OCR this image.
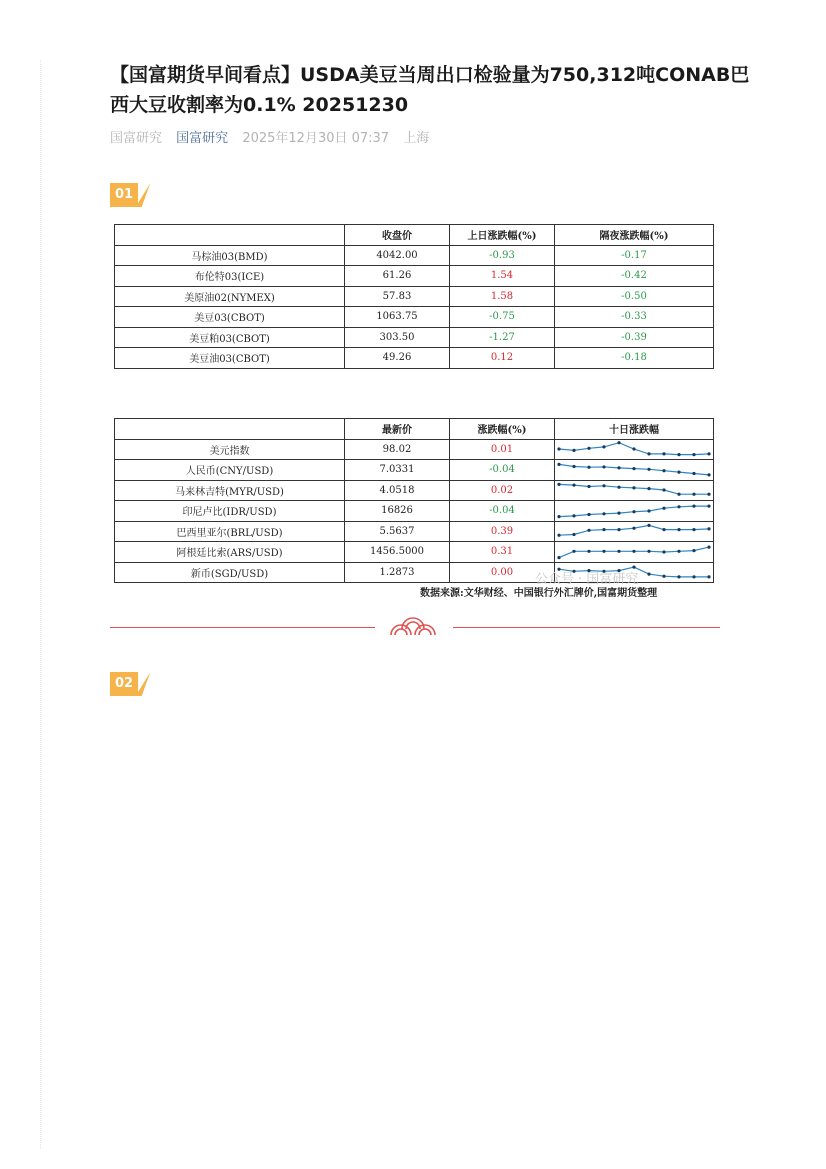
【国富期货早间看点】USDA美豆当周出口检验量为750,312吨CONAB巴西大豆收割率为0.1% 20251230
国富研究 国富研究 2025年12月30日 07:37 上海
01
	收盘价	上日涨跌幅(%)	隔夜涨跌幅(%)
马棕油03(BMD)	4042.00	-0.93	-0.17
布伦特03(ICE)	61.26	1.54	-0.42
美原油02(NYMEX)	57.83	1.58	-0.50
美豆03(CBOT)	1063.75	-0.75	-0.33
美豆粕03(CBOT)	303.50	-1.27	-0.39
美豆油03(CBOT)	49.26	0.12	-0.18
	最新价	涨跌幅(%)	十日涨跌幅
美元指数	98.02	0.01	

人民币(CNY/USD)	7.0331	-0.04	

马来林吉特(MYR/USD)	4.0518	0.02	

印尼卢比(IDR/USD)	16826	-0.04	

巴西里亚尔(BRL/USD)	5.5637	0.39	

阿根廷比索(ARS/USD)	1456.5000	0.31	

新币(SGD/USD)	1.2873	0.00	公众号 · 国富研究
数据来源:文华财经、中国银行外汇牌价,国富期货整理
02
